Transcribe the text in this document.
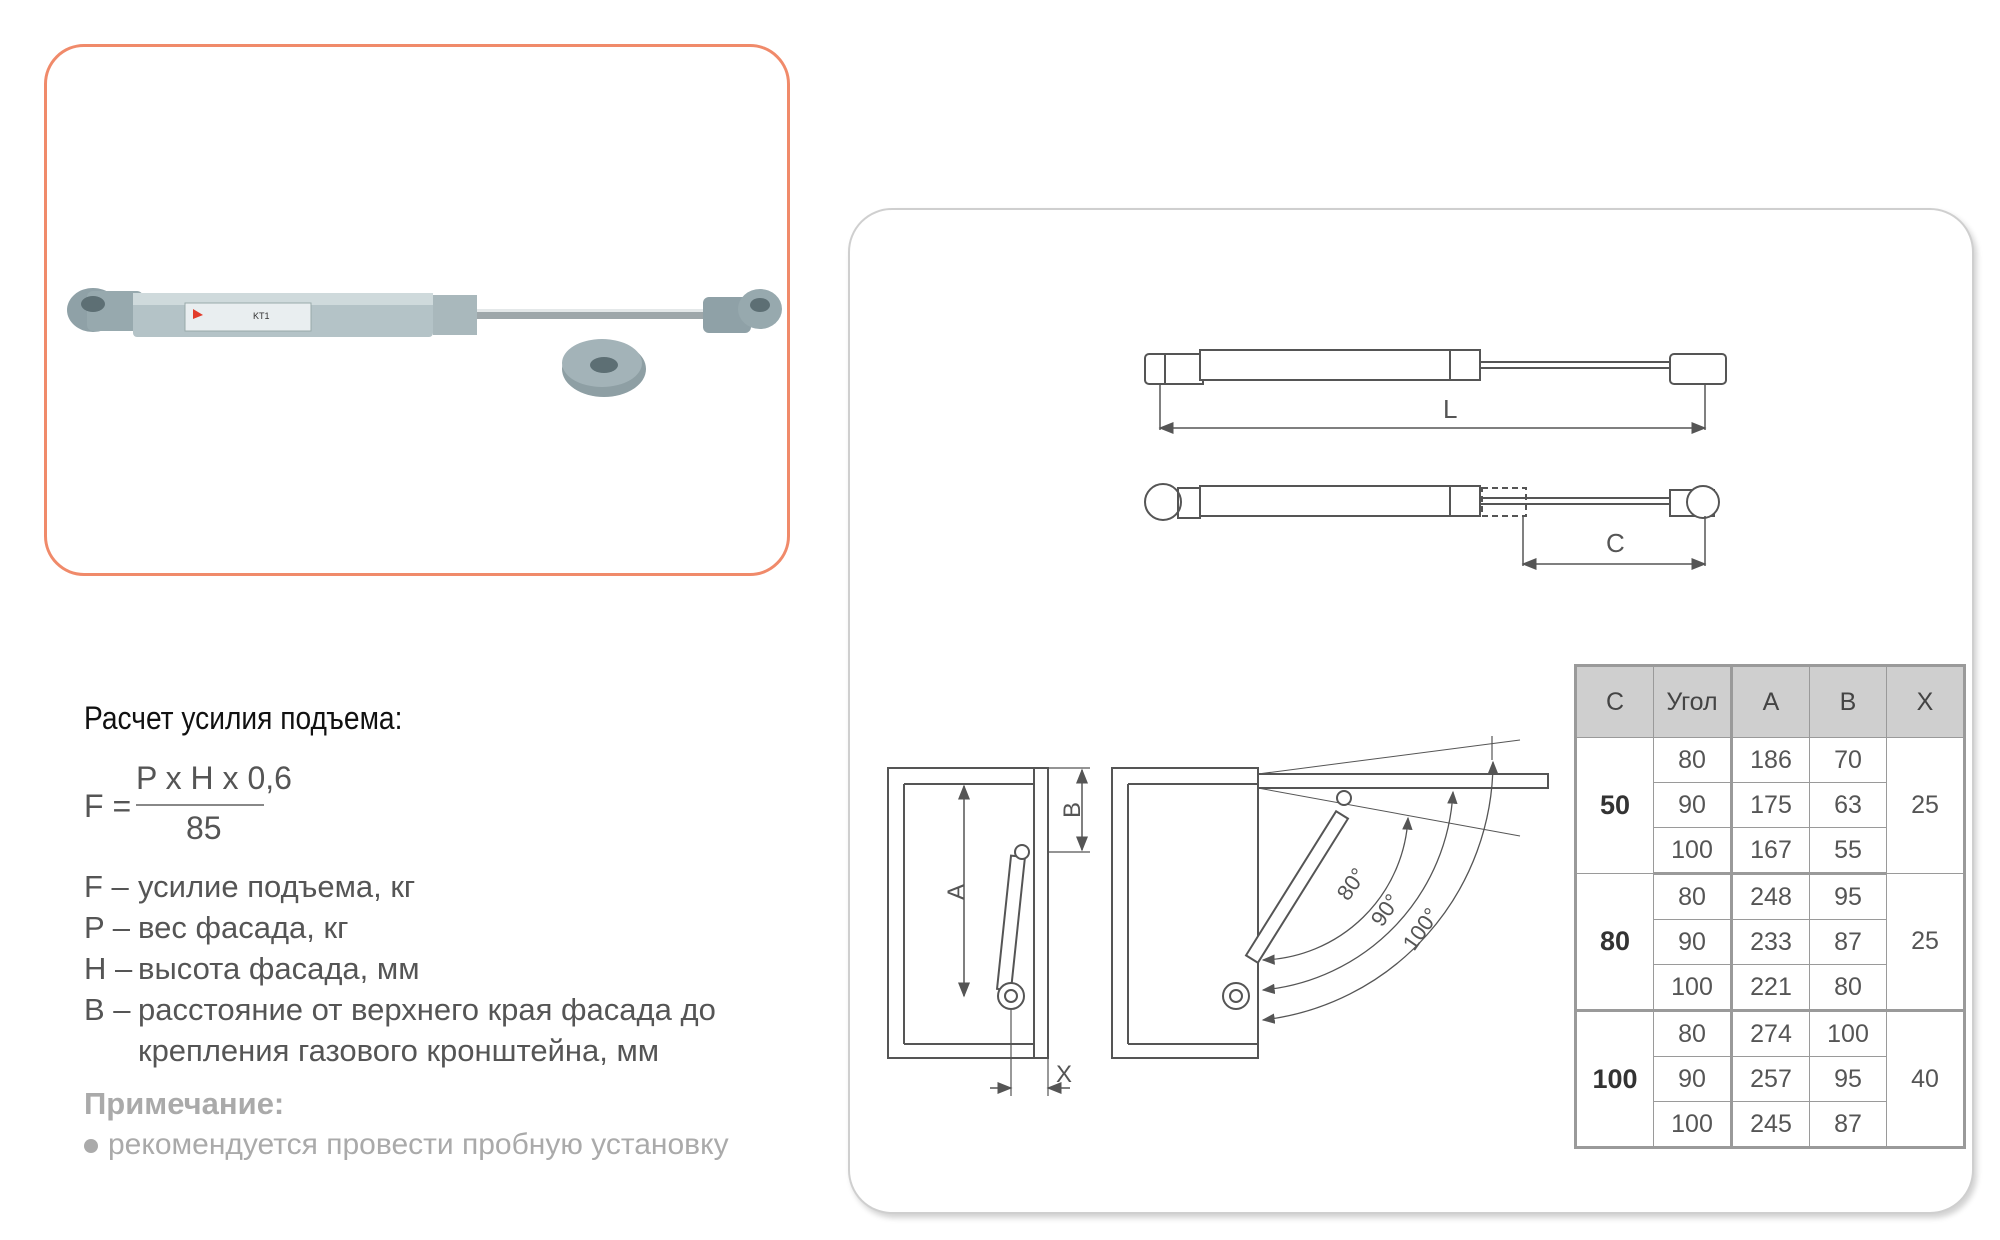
KT1
Расчет усилия подъема:
F =
P x H x 0,6
85
F – усилие подъема, кг
P – вес фасада, кг
H – высота фасада, мм
B – расстояние от верхнего края фасада до
крепления газового кронштейна, мм
Примечание:
рекомендуется провести пробную установку
L
C
A
B
X
80°
90°
100°
C	Угол	A	B	X
50	80	186	70	25
	90	175	63	
	100	167	55	
80	80	248	95	25
	90	233	87	
	100	221	80	
100	80	274	100	40
	90	257	95	
	100	245	87	
